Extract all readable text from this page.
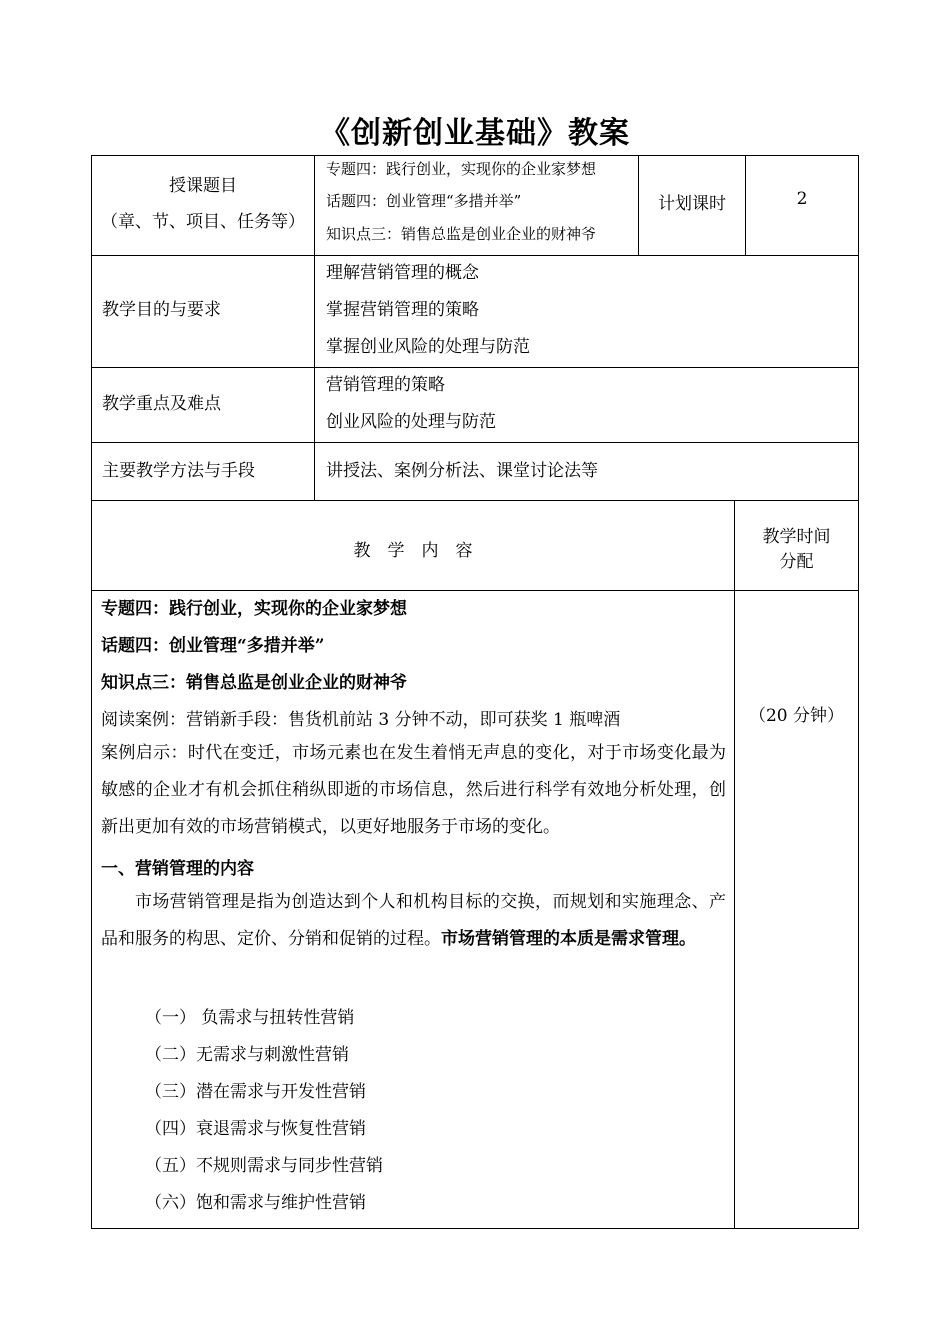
《创新创业基础》教案
授课题目
（章、节、项目、任务等）
专题四：践行创业，实现你的企业家梦想
话题四：创业管理“多措并举”
知识点三：销售总监是创业企业的财神爷
计划课时	2
教学目的与要求
理解营销管理的概念
掌握营销管理的策略
掌握创业风险的处理与防范
教学重点及难点
营销管理的策略
创业风险的处理与防范
主要教学方法与手段	讲授法、案例分析法、课堂讨论法等
教　学　内　容
教学时间
分配
（20 分钟）
专题四：践行创业，实现你的企业家梦想
话题四：创业管理“多措并举”
知识点三：销售总监是创业企业的财神爷
阅读案例：营销新手段：售货机前站 3 分钟不动，即可获奖 1 瓶啤酒
案例启示：时代在变迁，市场元素也在发生着悄无声息的变化，对于市场变化最为敏感的企业才有机会抓住稍纵即逝的市场信息，然后进行科学有效地分析处理，创新出更加有效的市场营销模式，以更好地服务于市场的变化。
一、营销管理的内容
市场营销管理是指为创造达到个人和机构目标的交换，而规划和实施理念、产品和服务的构思、定价、分销和促销的过程。市场营销管理的本质是需求管理。
（一） 负需求与扭转性营销
（二）无需求与刺激性营销
（三）潜在需求与开发性营销
（四）衰退需求与恢复性营销
（五）不规则需求与同步性营销
（六）饱和需求与维护性营销
